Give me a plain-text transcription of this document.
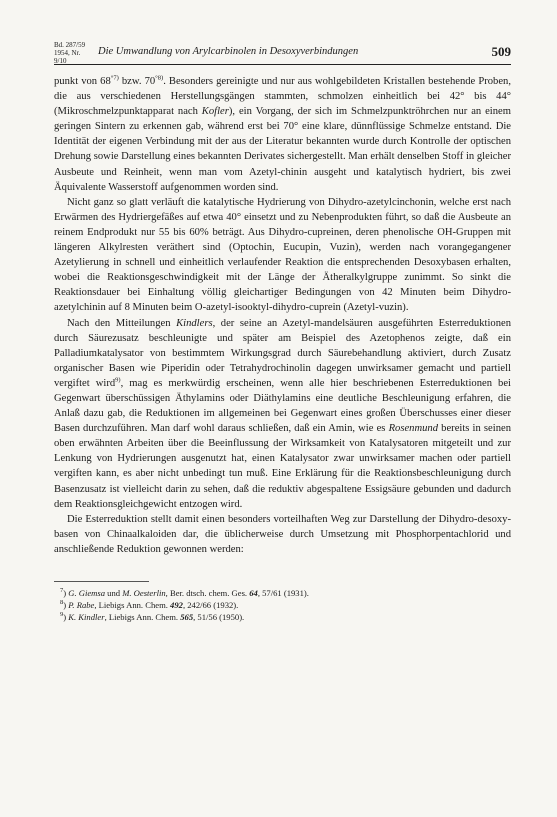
Bd. 287/59
1954, Nr. 9/10
Die Umwandlung von Arylcarbinolen in Desoxyverbindungen	509

punkt von $68^{^\circ 7)}$ bzw. $70^{^\circ 8)}$. Besonders gereinigte und nur aus wohlgebildeten Kristallen bestehende Proben, die aus verschiedenen Herstellungsgängen stammten, schmolzen einheitlich bei 42° bis 44° (Mikroschmelzpunktapparat nach Kofler), ein Vorgang, der sich im Schmelzpunktröhrchen nur an einem geringen Sintern zu erkennen gab, während erst bei 70° eine klare, dünnflüssige Schmelze entstand. Die Identität der eigenen Verbindung mit der aus der Literatur bekannten wurde durch Kontrolle der optischen Drehung sowie Darstellung eines bekannten Derivates sichergestellt. Man erhält denselben Stoff in gleicher Ausbeute und Reinheit, wenn man vom Azetyl-chinin ausgeht und katalytisch hydriert, bis zwei Äquivalente Wasserstoff aufgenommen worden sind.

Nicht ganz so glatt verläuft die katalytische Hydrierung von Dihydro-azetylcinchonin, welche erst nach Erwärmen des Hydriergefäßes auf etwa 40° einsetzt und zu Nebenprodukten führt, so daß die Ausbeute an reinem Endprodukt nur 55 bis 60% beträgt. Aus Dihydro-cupreinen, deren phenolische OH-Gruppen mit längeren Alkylresten veräthert sind (Optochin, Eucupin, Vuzin), werden nach vorangegangener Azetylierung in schnell und einheitlich verlaufender Reaktion die entsprechenden Desoxybasen erhalten, wobei die Reaktionsgeschwindigkeit mit der Länge der Ätheralkylgruppe zunimmt. So sinkt die Reaktionsdauer bei Einhaltung völlig gleichartiger Bedingungen von 42 Minuten beim Dihydro-azetylchinin auf 8 Minuten beim O-azetyl-isooktyl-dihydro-cuprein (Azetyl-vuzin).

Nach den Mitteilungen Kindlers, der seine an Azetyl-mandelsäuren ausgeführten Esterreduktionen durch Säurezusatz beschleunigte und später am Beispiel des Azetophenos zeigte, daß ein Palladiumkatalysator von bestimmtem Wirkungsgrad durch Säurebehandlung aktiviert, durch Zusatz organischer Basen wie Piperidin oder Tetrahydrochinolin dagegen unwirksamer gemacht und partiell vergiftet wird$^{9)}$, mag es merkwürdig erscheinen, wenn alle hier beschriebenen Esterreduktionen bei Gegenwart überschüssigen Äthylamins oder Diäthylamins eine deutliche Beschleunigung erfahren, die Anlaß dazu gab, die Reduktionen im allgemeinen bei Gegenwart eines großen Überschusses einer dieser Basen durchzuführen. Man darf wohl daraus schließen, daß ein Amin, wie es Rosenmund bereits in seinen oben erwähnten Arbeiten über die Beeinflussung der Wirksamkeit von Katalysatoren mitgeteilt und zur Lenkung von Hydrierungen ausgenutzt hat, einen Katalysator zwar unwirksamer machen oder partiell vergiften kann, es aber nicht unbedingt tun muß. Eine Erklärung für die Reaktionsbeschleunigung durch Basenzusatz ist vielleicht darin zu sehen, daß die reduktiv abgespaltene Essigsäure gebunden und dadurch dem Reaktionsgleichgewicht entzogen wird.

Die Esterreduktion stellt damit einen besonders vorteilhaften Weg zur Darstellung der Dihydro-desoxy-basen von Chinaalkaloiden dar, die üblicherweise durch Umsetzung mit Phosphorpentachlorid und anschließende Reduktion gewonnen werden:

$^7$) G. Giemsa und M. Oesterlin, Ber. dtsch. chem. Ges. 64, 57/61 (1931).
$^8$) P. Rabe, Liebigs Ann. Chem. 492, 242/66 (1932).
$^9$) K. Kindler, Liebigs Ann. Chem. 565, 51/56 (1950).
